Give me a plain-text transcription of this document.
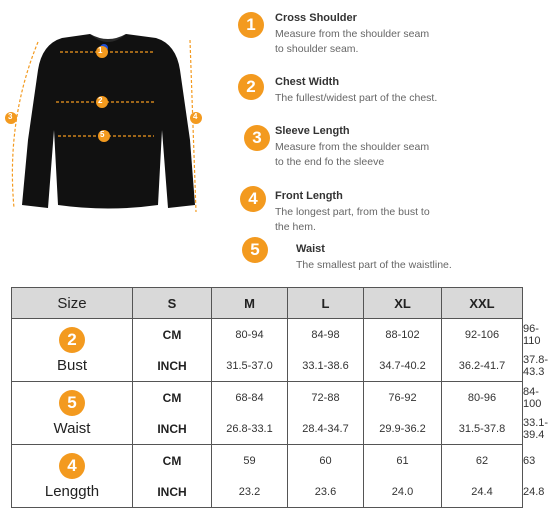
1
2
3	4
5
1	Cross Shoulder
Measure from the shoulder seam
to shoulder seam.
2	Chest Width
The fullest/widest part of the chest.
3	Sleeve Length
Measure from the shoulder seam
to the end fo the sleeve
4	Front Length
The longest part, from the bust to
the hem.
5	Waist
The smallest part of the waistline.
Size	S	M	L	XL	XXL	

2
Bust	CM	80-94	84-98	88-102	92-106	96-110
	INCH	31.5-37.0	33.1-38.6	34.7-40.2	36.2-41.7	37.8-43.3

5
Waist	CM	68-84	72-88	76-92	80-96	84-100
	INCH	26.8-33.1	28.4-34.7	29.9-36.2	31.5-37.8	33.1-39.4

4
Lenggth	CM	59	60	61	62	63
	INCH	23.2	23.6	24.0	24.4	24.8
